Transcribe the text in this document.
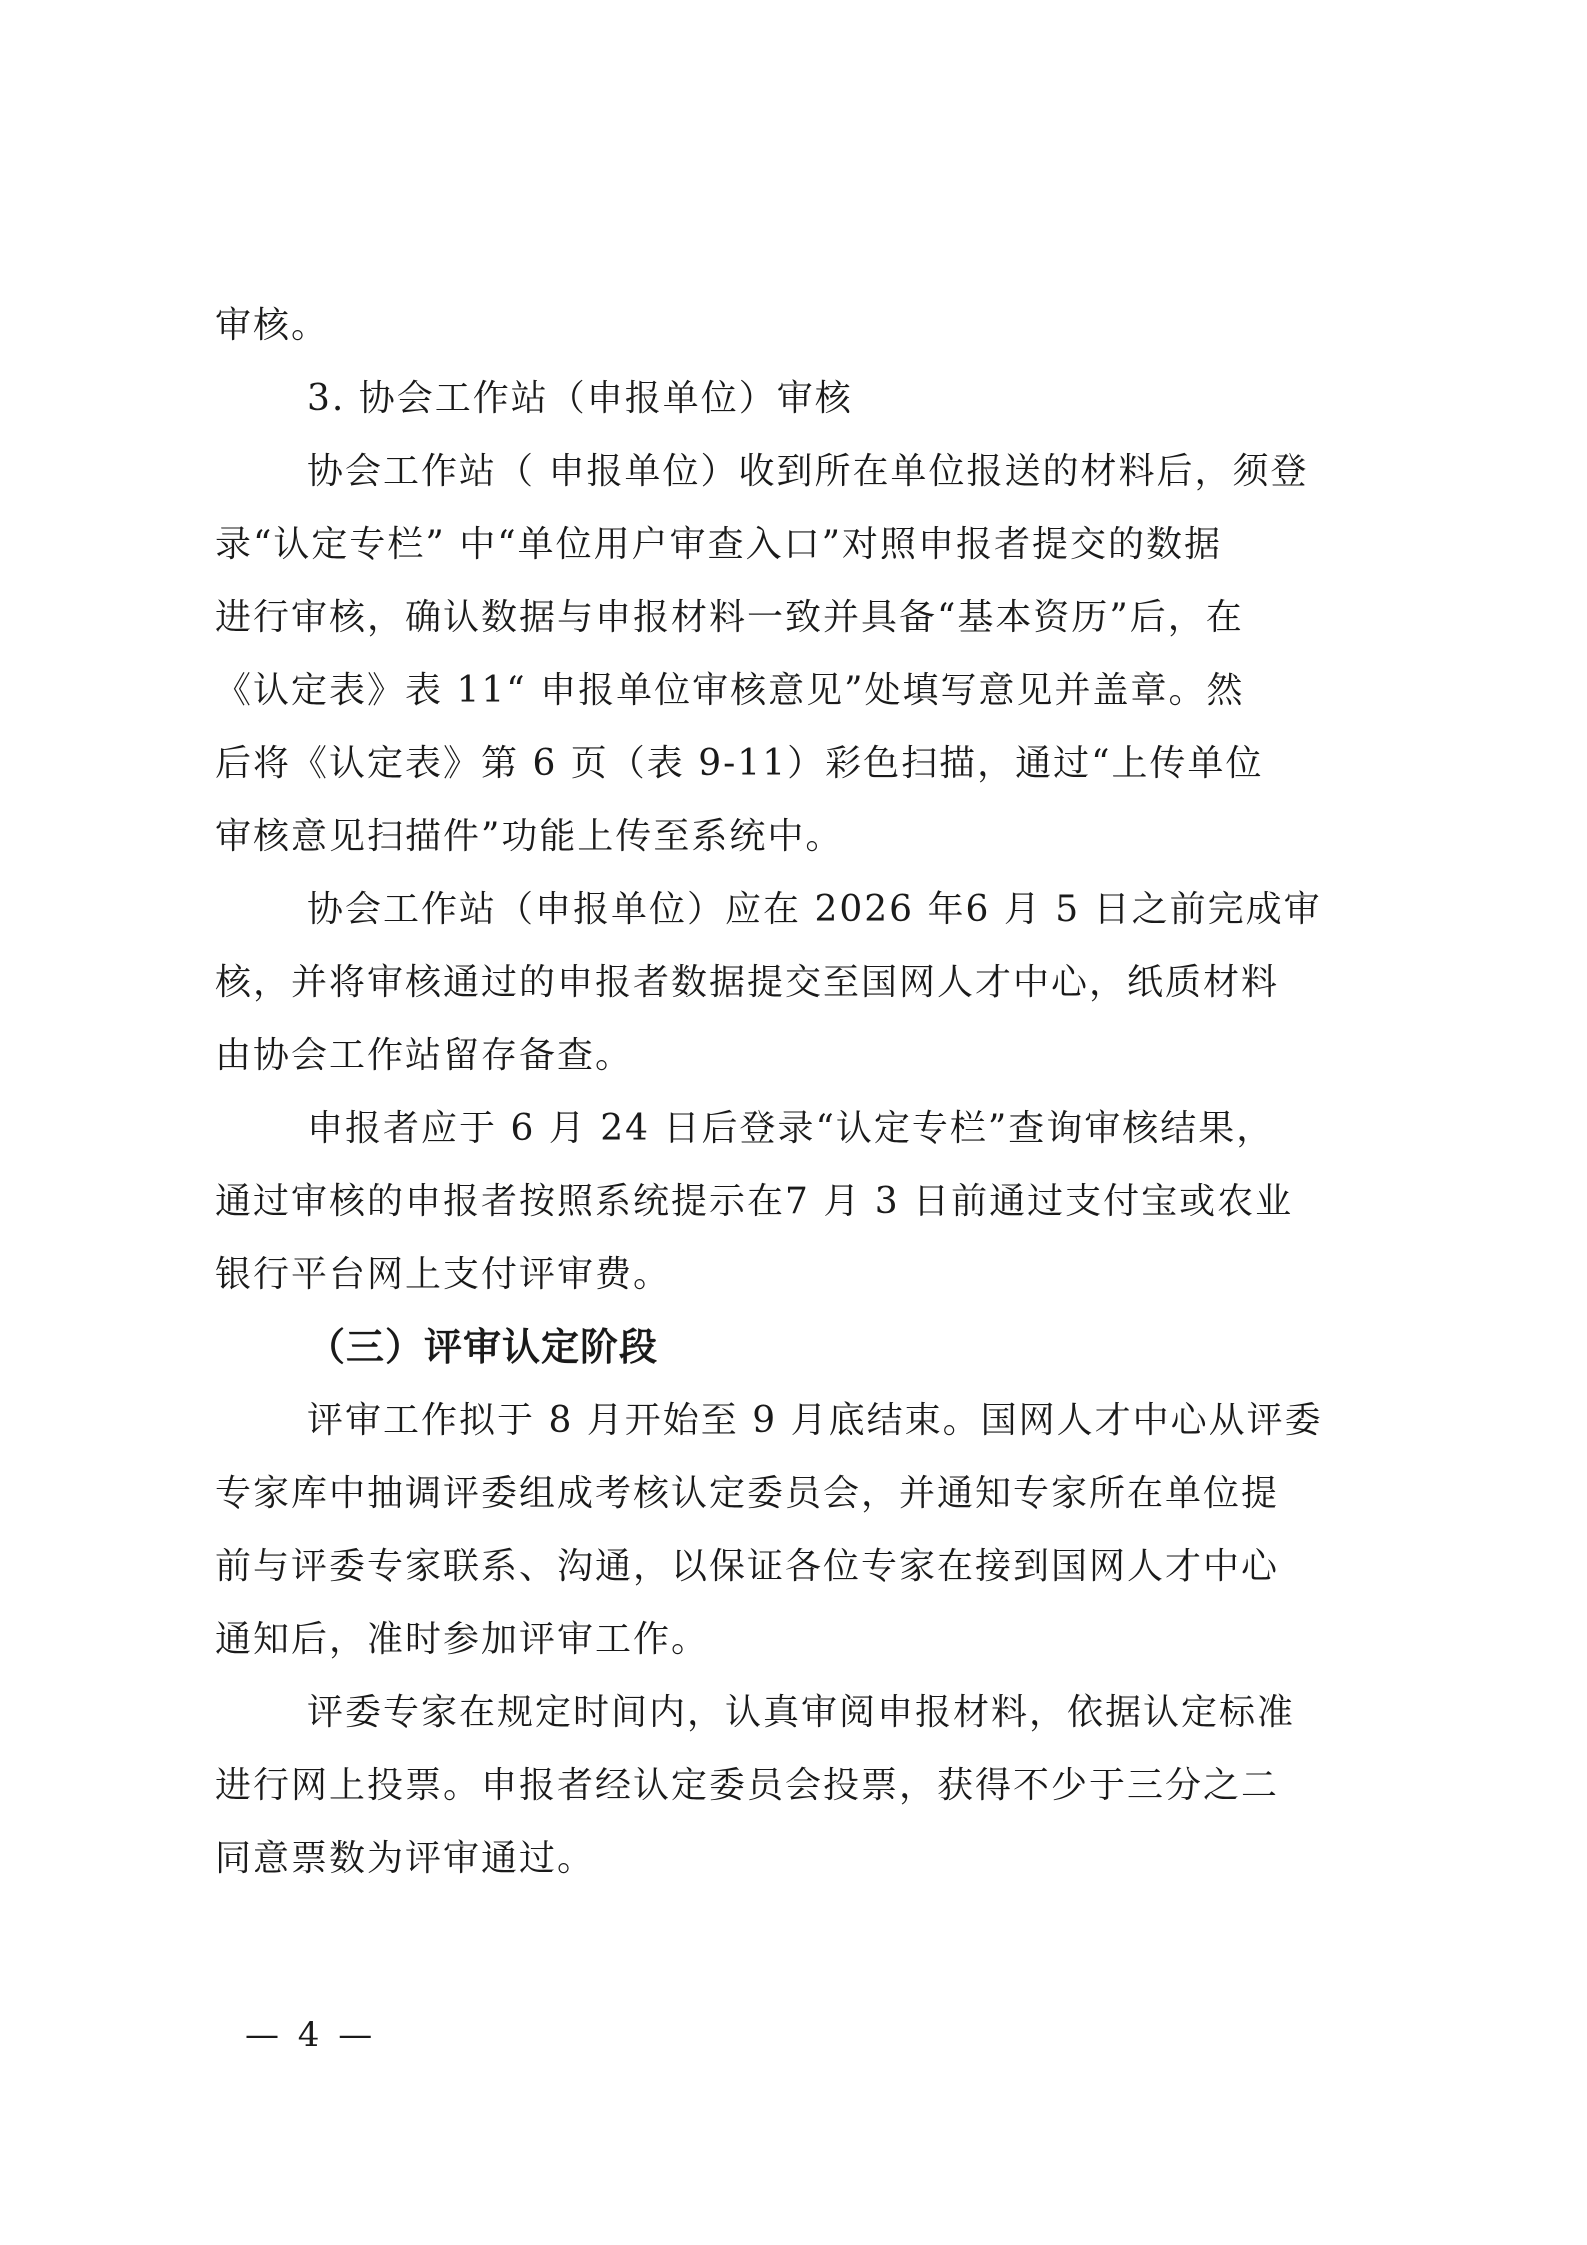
审核。
3. 协会工作站（申报单位）审核
协会工作站（ 申报单位）收到所在单位报送的材料后，须登
录“认定专栏” 中“单位用户审查入口”对照申报者提交的数据
进行审核，确认数据与申报材料一致并具备“基本资历”后，在
《认定表》表 11“ 申报单位审核意见”处填写意见并盖章。然
后将《认定表》第 6 页（表 9-11）彩色扫描，通过“上传单位
审核意见扫描件”功能上传至系统中。
协会工作站（申报单位）应在 2026 年6 月 5 日之前完成审
核，并将审核通过的申报者数据提交至国网人才中心，纸质材料
由协会工作站留存备查。
申报者应于 6 月 24 日后登录“认定专栏”查询审核结果，
通过审核的申报者按照系统提示在7 月 3 日前通过支付宝或农业
银行平台网上支付评审费。
（三）评审认定阶段
评审工作拟于 8 月开始至 9 月底结束。国网人才中心从评委
专家库中抽调评委组成考核认定委员会，并通知专家所在单位提
前与评委专家联系、沟通，以保证各位专家在接到国网人才中心
通知后，准时参加评审工作。
评委专家在规定时间内，认真审阅申报材料，依据认定标准
进行网上投票。申报者经认定委员会投票，获得不少于三分之二
同意票数为评审通过。
— 4 —
